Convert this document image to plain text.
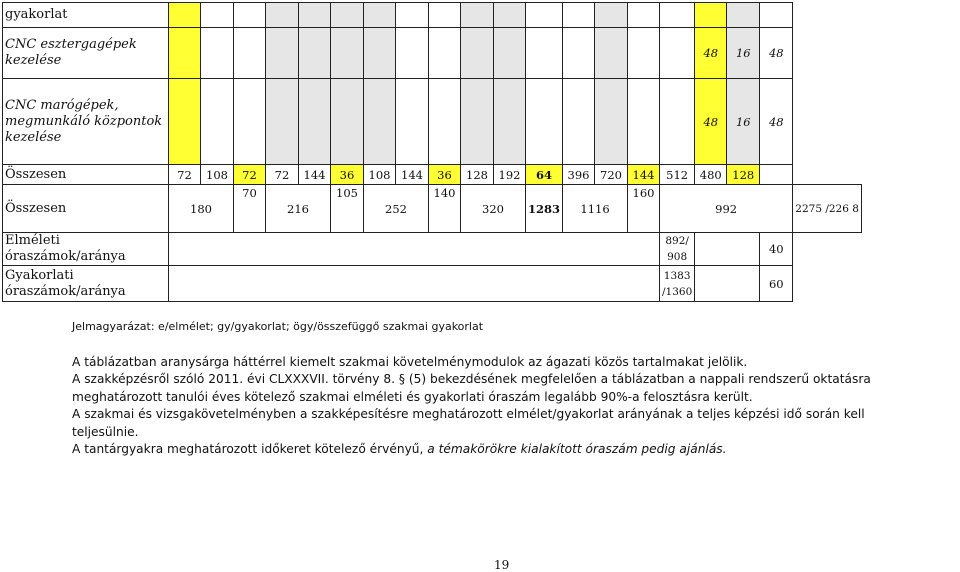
gyakorlat																				
CNC esztergagépek kezelése																	48	16	48	
CNC marógépek, megmunkáló központok kezelése																	48	16	48	
Összesen	72	108	72	72	144	36	108	144	36	128	192	64	396	720	144	512	480	128		
Összesen	180		70	216		105	252		140	320		1283	1116		160	992				2275 /226 8
Elméleti óraszámok/aránya																892/ 908			40	
Gyakorlati óraszámok/aránya																1383 /1360			60	

Jelmagyarázat: e/elmélet; gy/gyakorlat; ögy/összefüggő szakmai gyakorlat

A táblázatban aranysárga háttérrel kiemelt szakmai követelménymodulok az ágazati közös tartalmakat jelölik.

A szakképzésről szóló 2011. évi CLXXXVII. törvény 8. § (5) bekezdésének megfelelően a táblázatban a nappali rendszerű oktatásra meghatározott tanulói éves kötelező szakmai elméleti és gyakorlati óraszám legalább 90%-a felosztásra került.

A szakmai és vizsgakövetelményben a szakképesítésre meghatározott elmélet/gyakorlat arányának a teljes képzési idő során kell teljesülnie.

A tantárgyakra meghatározott időkeret kötelező érvényű, a témakörökre kialakított óraszám pedig ajánlás.

19
